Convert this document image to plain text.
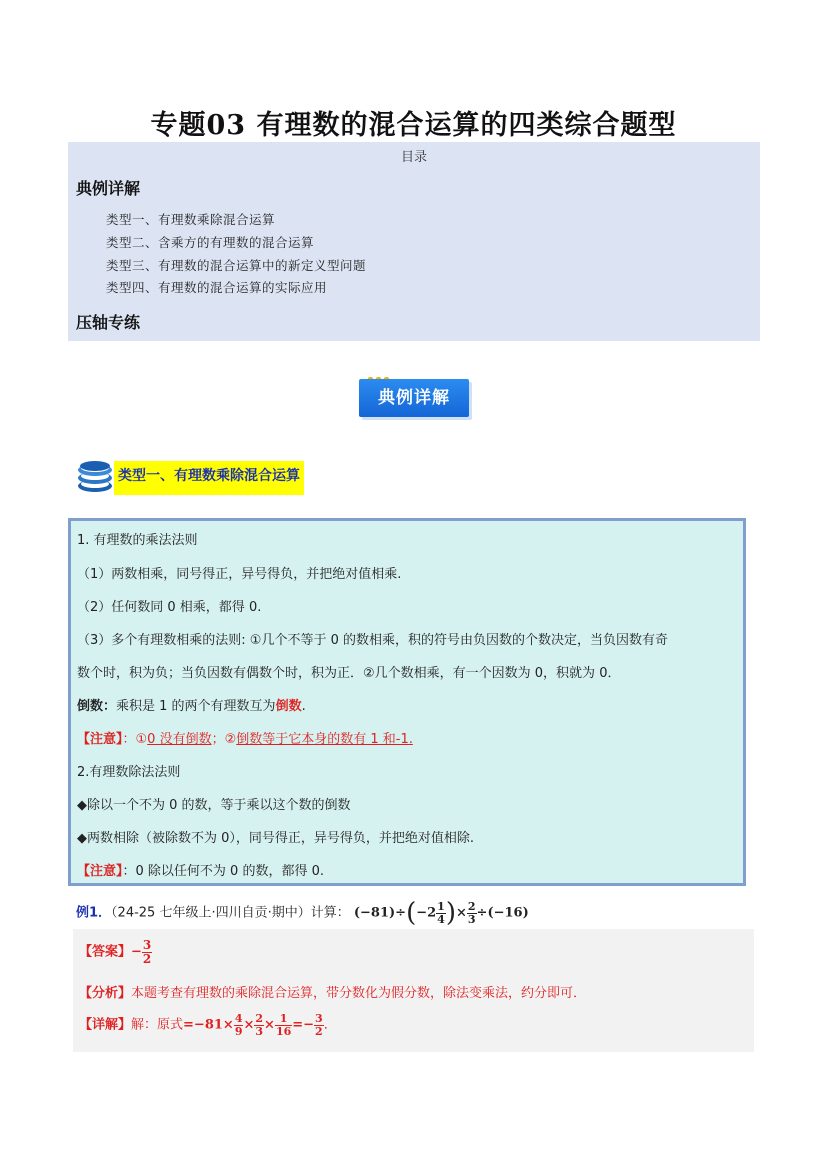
专题03 有理数的混合运算的四类综合题型
目录
典例详解
类型一、有理数乘除混合运算
类型二、含乘方的有理数的混合运算
类型三、有理数的混合运算中的新定义型问题
类型四、有理数的混合运算的实际应用
压轴专练
典例详解
类型一、有理数乘除混合运算
1. 有理数的乘法法则
（1）两数相乘，同号得正，异号得负，并把绝对值相乘.
（2）任何数同 0 相乘，都得 0.
（3）多个有理数相乘的法则: ①几个不等于 0 的数相乘，积的符号由负因数的个数决定，当负因数有奇
数个时，积为负；当负因数有偶数个时，积为正．②几个数相乘，有一个因数为 0，积就为 0．
倒数：乘积是 1 的两个有理数互为倒数.
【注意】：①0 没有倒数；②倒数等于它本身的数有 1 和-1.
2.有理数除法法则
◆除以一个不为 0 的数，等于乘以这个数的倒数
◆两数相除（被除数不为 0），同号得正，异号得负，并把绝对值相除.
【注意】：0 除以任何不为 0 的数，都得 0.
例1．（24-25 七年级上·四川自贡·期中）计算： $(-81)\div(-2 \frac{1}{4}$ )× $\frac{2}{3} \div(-16)$
【答案】− $\frac{3}{2}$
【分析】本题考查有理数的乘除混合运算，带分数化为假分数，除法变乘法，约分即可．
【详解】解：原式$=-81\times \frac{4}{9} \times \frac{2}{3} \times \frac{1}{16} =- \frac{3}{2}$ ．
